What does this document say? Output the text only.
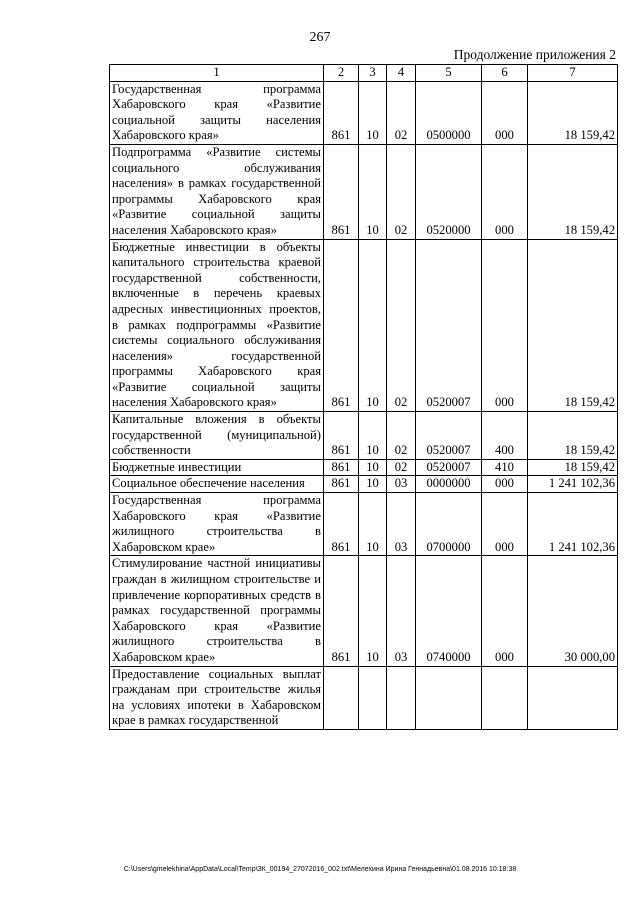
267
Продолжение приложения 2
1	2	3	4	5	6	7
Государственная программа Хабаровского края «Развитие социальной защиты населения Хабаровского края»	861	10	02	0500000	000	18 159,42
Подпрограмма «Развитие системы социального обслуживания населения» в рамках государственной программы Хабаровского края «Развитие социальной защиты населения Хабаровского края»	861	10	02	0520000	000	18 159,42
Бюджетные инвестиции в объекты капитального строительства краевой государственной собственности, включенные в перечень краевых адресных инвестиционных проектов, в рамках подпрограммы «Развитие системы социального обслуживания населения» государственной программы Хабаровского края «Развитие социальной защиты населения Хабаровского края»	861	10	02	0520007	000	18 159,42
Капитальные вложения в объекты государственной (муниципальной) собственности	861	10	02	0520007	400	18 159,42
Бюджетные инвестиции	861	10	02	0520007	410	18 159,42
Социальное обеспечение населения	861	10	03	0000000	000	1 241 102,36
Государственная программа Хабаровского края «Развитие жилищного строительства в Хабаровском крае»	861	10	03	0700000	000	1 241 102,36
Стимулирование частной инициативы граждан в жилищном строительстве и привлечение корпоративных средств в рамках государственной программы Хабаровского края «Развитие жилищного строительства в Хабаровском крае»	861	10	03	0740000	000	30 000,00
Предоставление социальных выплат гражданам при строительстве жилья на условиях ипотеки в Хабаровском крае в рамках государственной						
C:\Users\gmelekhina\AppData\Local\Temp\ЗК_00194_27072016_002.txt\Мелехина Ирина Геннадьевна\01.08.2016 10:18:38
